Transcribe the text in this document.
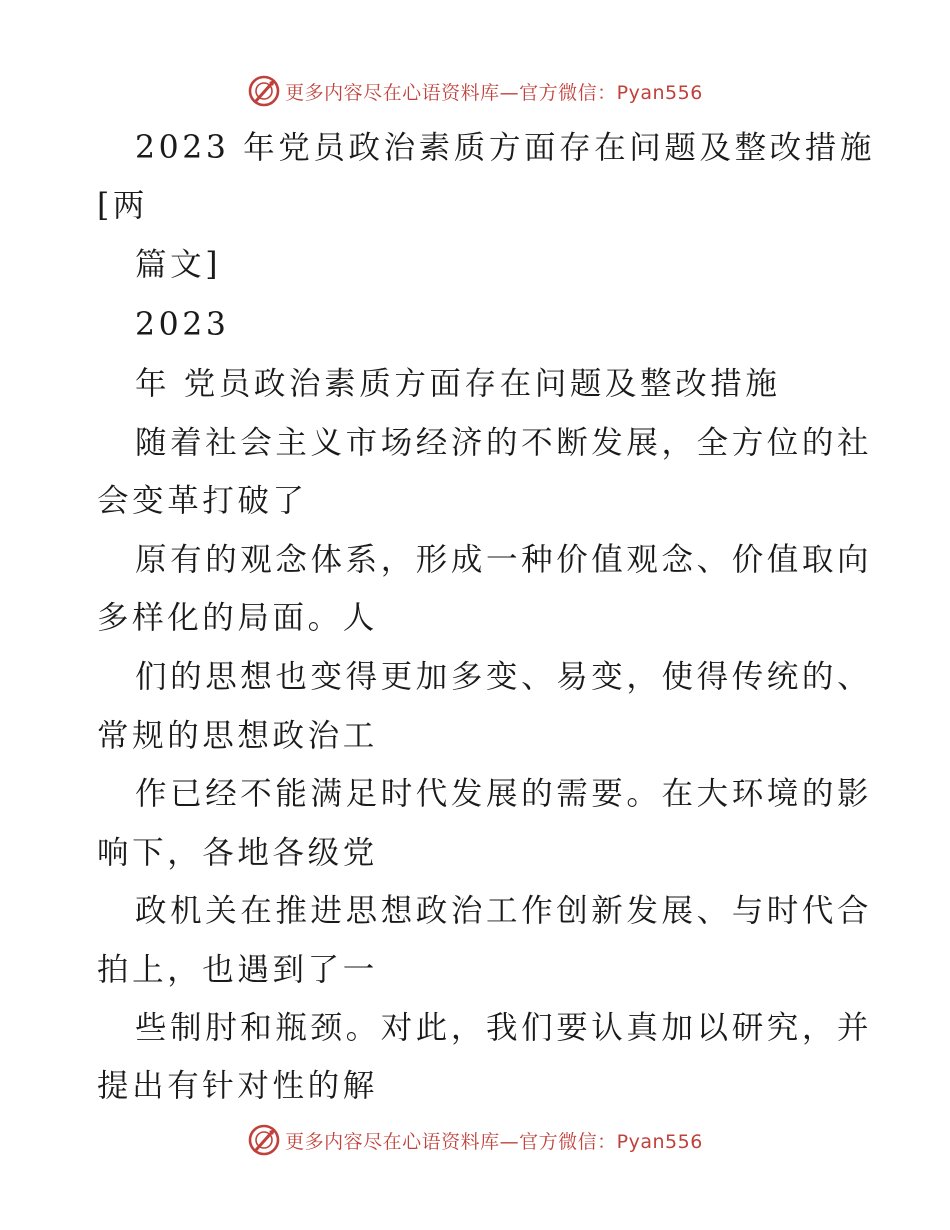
更多内容尽在心语资料库—官方微信：Pyan556
2023 年党员政治素质方面存在问题及整改措施
[两
篇文]
2023
年 党员政治素质方面存在问题及整改措施
随着社会主义市场经济的不断发展，全方位的社
会变革打破了
原有的观念体系，形成一种价值观念、价值取向
多样化的局面。人
们的思想也变得更加多变、易变，使得传统的、
常规的思想政治工
作已经不能满足时代发展的需要。在大环境的影
响下，各地各级党
政机关在推进思想政治工作创新发展、与时代合
拍上，也遇到了一
些制肘和瓶颈。对此，我们要认真加以研究，并
提出有针对性的解
更多内容尽在心语资料库—官方微信：Pyan556
